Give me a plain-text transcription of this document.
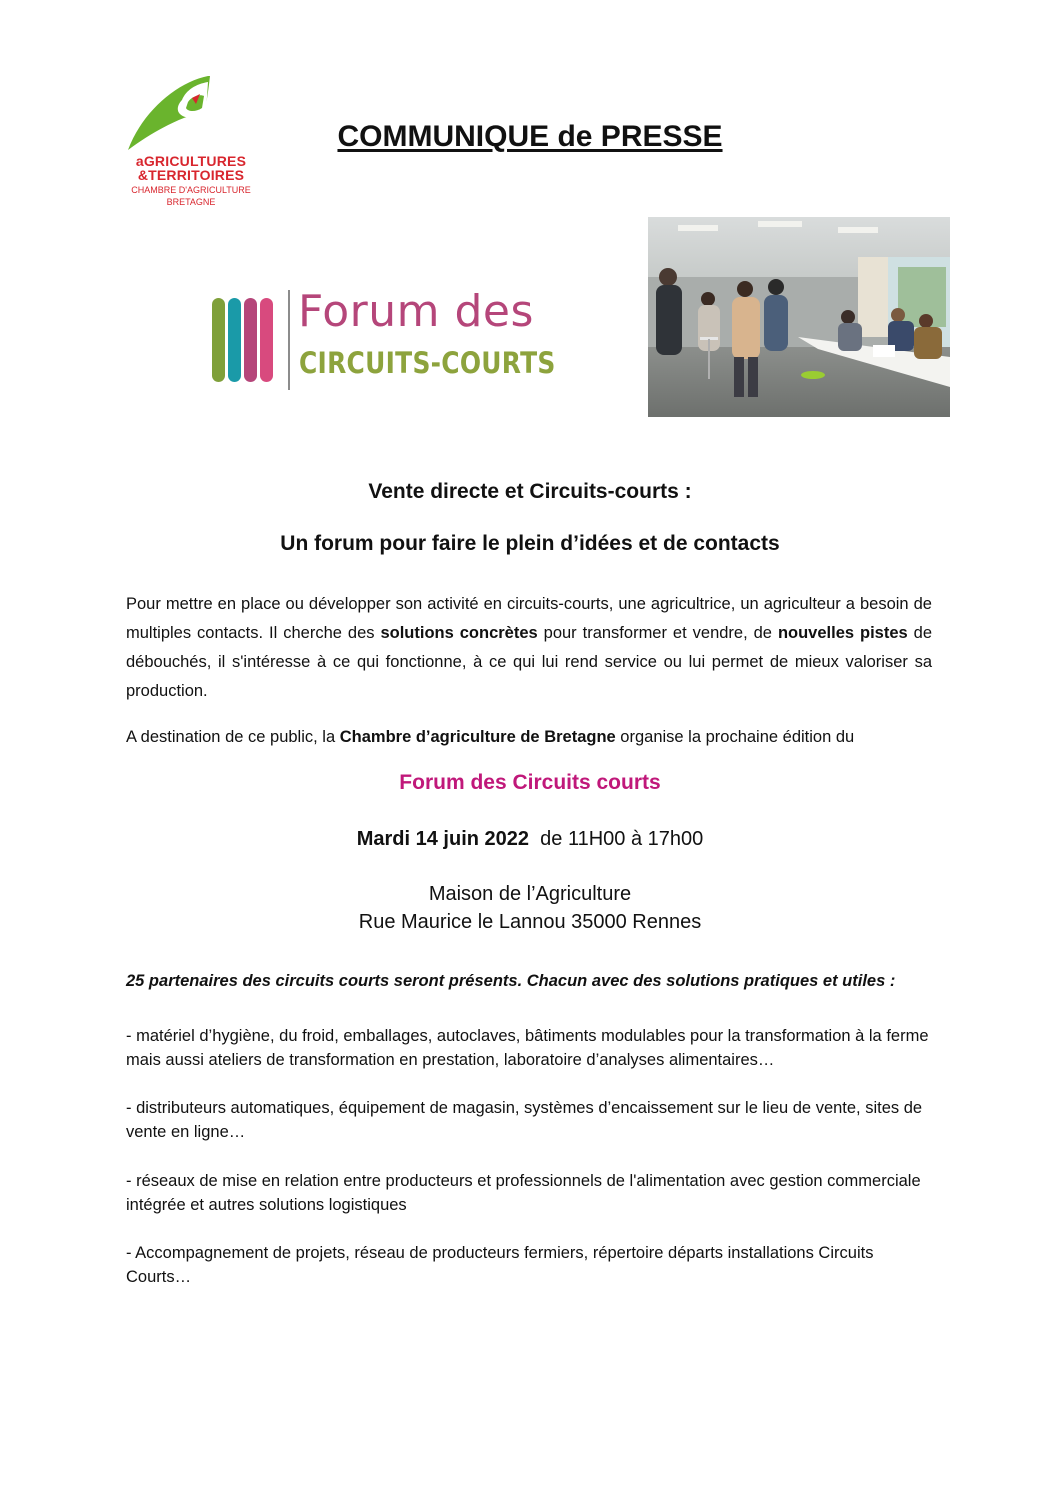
aGRICULTURES
&TERRITOIRES
CHAMBRE D'AGRICULTURE
BRETAGNE
COMMUNIQUE de PRESSE
Forum des
CIRCUITS-COURTS
Vente directe et Circuits-courts :
Un forum pour faire le plein d’idées et de contacts
Pour mettre en place ou développer son activité en circuits-courts, une agricultrice, un agriculteur a besoin de multiples contacts. Il cherche des solutions concrètes pour transformer et vendre, de nouvelles pistes de débouchés, il s'intéresse à ce qui fonctionne, à ce qui lui rend service ou lui permet de mieux valoriser sa production.
A destination de ce public, la Chambre d’agriculture de Bretagne organise la prochaine édition du
Forum des Circuits courts
Mardi 14 juin 2022  de 11H00 à 17h00
Maison de l’Agriculture
Rue Maurice le Lannou 35000 Rennes
25 partenaires des circuits courts seront présents. Chacun avec des solutions pratiques et utiles :
- matériel d’hygiène, du froid, emballages, autoclaves, bâtiments modulables pour la transformation à la ferme mais aussi ateliers de transformation en prestation, laboratoire d’analyses alimentaires…
- distributeurs automatiques, équipement de magasin, systèmes d’encaissement sur le lieu de vente, sites de vente en ligne…
- réseaux de mise en relation entre producteurs et professionnels de l'alimentation avec gestion commerciale intégrée et autres solutions logistiques
- Accompagnement de projets, réseau de producteurs fermiers, répertoire départs installations Circuits Courts…
